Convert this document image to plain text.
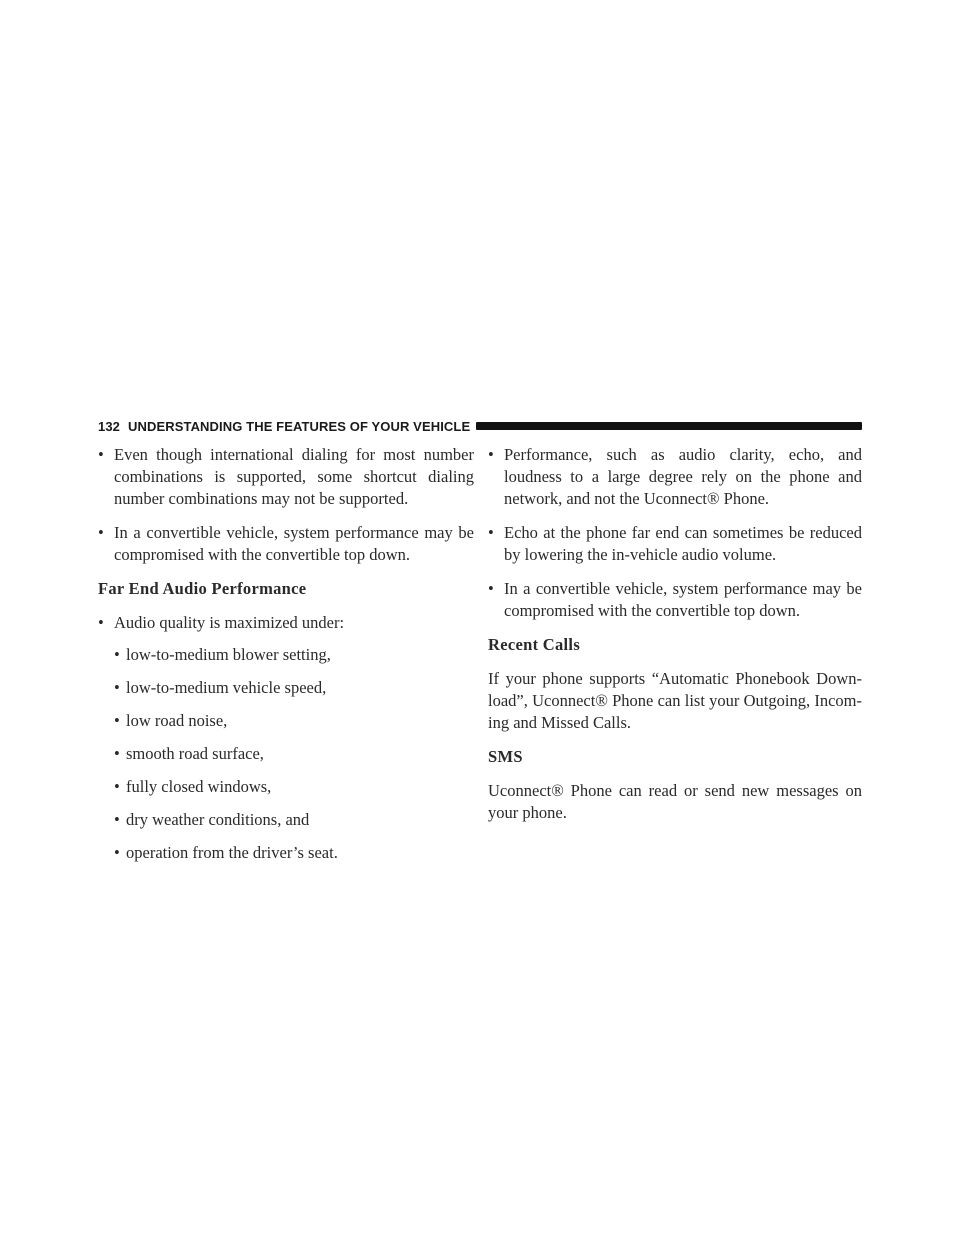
132 UNDERSTANDING THE FEATURES OF YOUR VEHICLE
• Even though international dialing for most number combinations is supported, some shortcut dialing number combinations may not be supported.
• In a convertible vehicle, system performance may be compromised with the convertible top down.
Far End Audio Performance
• Audio quality is maximized under:
• low-to-medium blower setting,
• low-to-medium vehicle speed,
• low road noise,
• smooth road surface,
• fully closed windows,
• dry weather conditions, and
• operation from the driver’s seat.
• Performance, such as audio clarity, echo, and loudness to a large degree rely on the phone and network, and not the Uconnect® Phone.
• Echo at the phone far end can sometimes be reduced by lowering the in-vehicle audio volume.
• In a convertible vehicle, system performance may be compromised with the convertible top down.
Recent Calls
If your phone supports “Automatic Phonebook Down-load”, Uconnect® Phone can list your Outgoing, Incom-ing and Missed Calls.
SMS
Uconnect® Phone can read or send new messages on your phone.
